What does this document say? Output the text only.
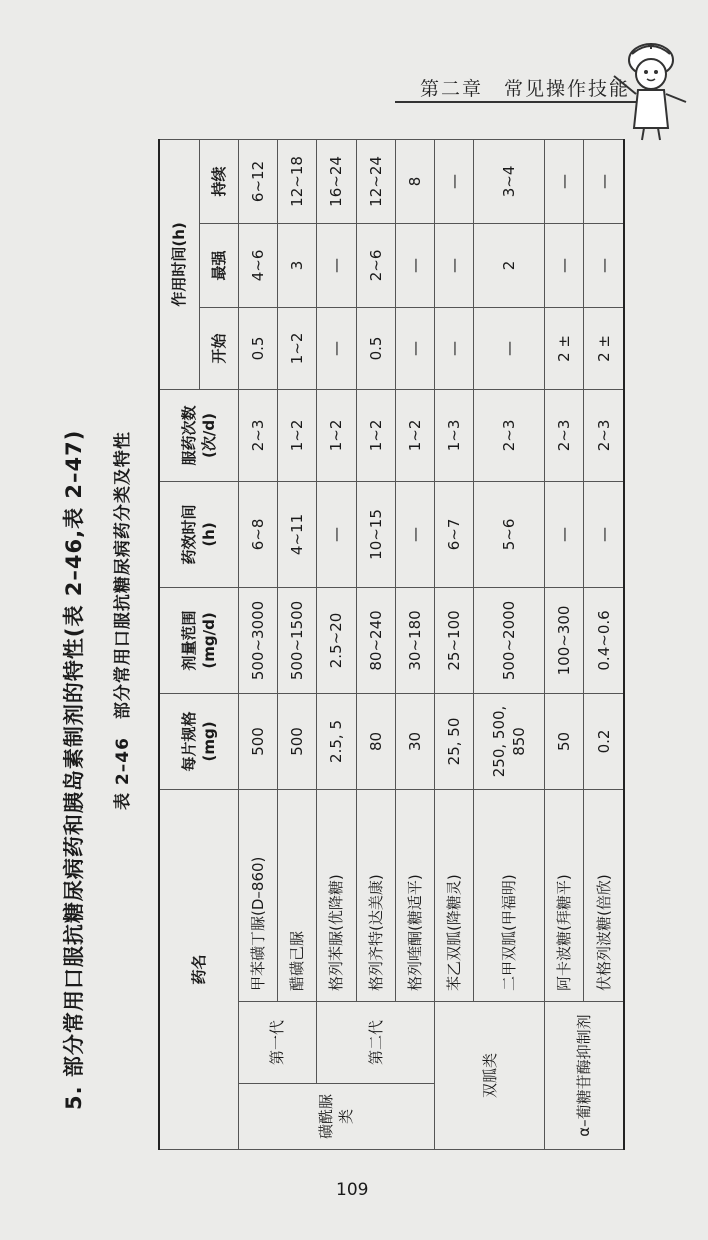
第二章　常见操作技能
5. 部分常用口服抗糖尿病药和胰岛素制剂的特性(表 2–46,表 2–47) 表 2–46　部分常用口服抗糖尿病药分类及特性
药名			每片规格 (mg)	剂量范围 (mg/d)	药效时间 (h)	服药次数 (次/d)	作用时间(h)		
							开始	最强	持续
磺酰脲类	第一代	甲苯磺丁脲(D–860)	500	500~3000	6~8	2~3	0.5	4~6	6~12
		醋磺己脲	500	500~1500	4~11	1~2	1~2	3	12~18
	第二代	格列苯脲(优降糖)	2.5, 5	2.5~20	—	1~2	—	—	16~24
		格列齐特(达美康)	80	80~240	10~15	1~2	0.5	2~6	12~24
		格列喹酮(糖适平)	30	30~180	—	1~2	—	—	8
双胍类		苯乙双胍(降糖灵)	25, 50	25~100	6~7	1~3	—	—	—
		二甲双胍(甲福明)	250, 500, 850	500~2000	5~6	2~3	—	2	3~4
α–葡糖苷酶抑制剂		阿卡波糖(拜糖平)	50	100~300	—	2~3	2 ±	—	—
		伏格列波糖(倍欣)	0.2	0.4~0.6	—	2~3	2 ±	—	—
109
